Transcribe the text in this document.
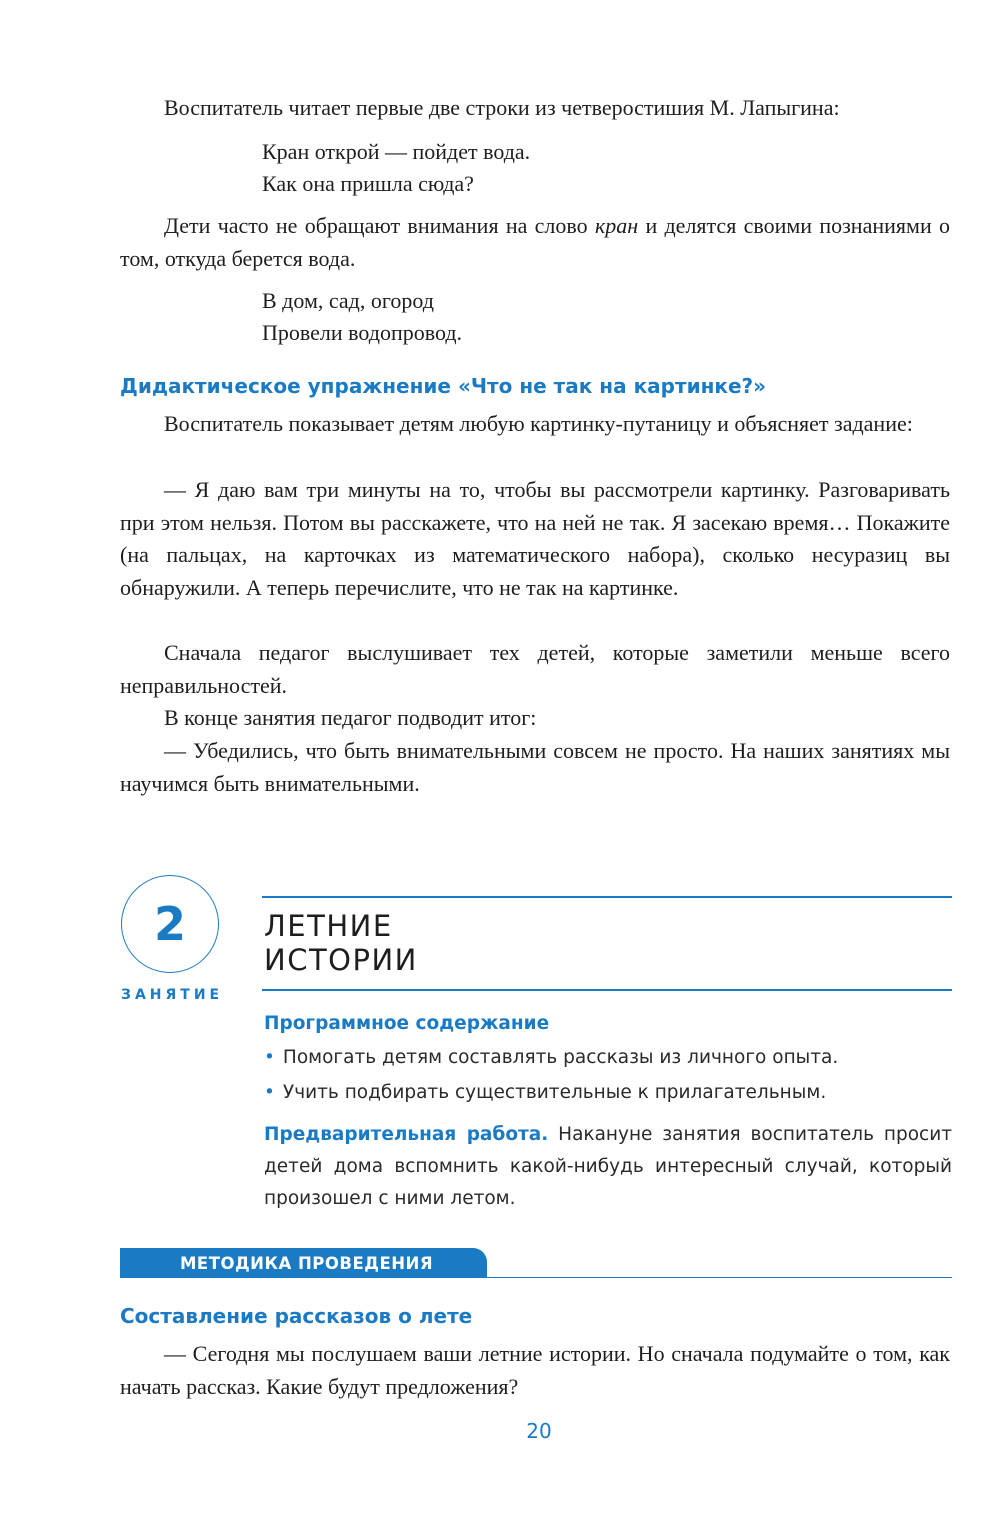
Воспитатель читает первые две строки из четверостишия М. Лапыгина:

Кран открой — пойдет вода.
Как она пришла сюда?

Дети часто не обращают внимания на слово кран и делятся своими познаниями о том, откуда берется вода.

В дом, сад, огород
Провели водопровод.
Дидактическое упражнение «Что не так на картинке?»

Воспитатель показывает детям любую картинку-путаницу и объясняет задание:

— Я даю вам три минуты на то, чтобы вы рассмотрели картинку. Разговаривать при этом нельзя. Потом вы расскажете, что на ней не так. Я засекаю время… Покажите (на пальцах, на карточках из математического набора), сколько несуразиц вы обнаружили. А теперь перечислите, что не так на картинке.

Сначала педагог выслушивает тех детей, которые заметили меньше всего неправильностей.

В конце занятия педагог подводит итог:

— Убедились, что быть внимательными совсем не просто. На наших занятиях мы научимся быть внимательными.

2
ЗАНЯТИЕ
ЛЕТНИЕ
ИСТОРИИ
Программное содержание

• Помогать детям составлять рассказы из личного опыта.

• Учить подбирать существительные к прилагательным.

Предварительная работа. Накануне занятия воспитатель просит детей дома вспомнить какой-нибудь интересный случай, который произошел с ними летом.

МЕТОДИКА ПРОВЕДЕНИЯ
Составление рассказов о лете

— Сегодня мы послушаем ваши летние истории. Но сначала подумайте о том, как начать рассказ. Какие будут предложения?

20
